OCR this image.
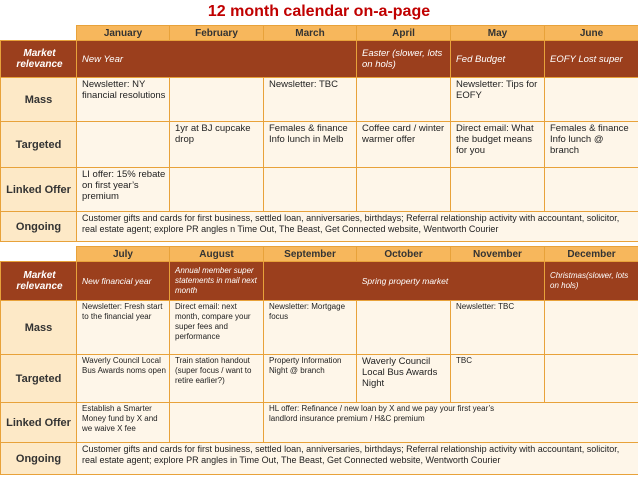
12 month calendar on-a-page
	January	February	March	April	May	June
Market relevance	New Year			Easter (slower, lots on hols)	Fed Budget	EOFY Lost super
Mass	Newsletter: NY financial resolutions		Newsletter: TBC		Newsletter: Tips for EOFY	
Targeted		1yr at BJ cupcake drop	Females & finance Info lunch in Melb	Coffee card / winter warmer offer	Direct email: What the budget means for you	Females & finance Info lunch @ branch
Linked Offer	LI offer: 15% rebate on first year’s premium					
Ongoing	Customer gifts and cards for first business, settled loan, anniversaries, birthdays; Referral relationship activity with accountant, solicitor, real estate agent; explore PR angles n Time Out, The Beast, Get Connected website, Wentworth Courier					
	July	August	September	October	November	December
Market relevance	New financial year	Annual member super statements in mail next month	Spring property market			Christmas(slower, lots on hols)
Mass	Newsletter: Fresh start to the financial year	Direct email: next month, compare your super fees and performance	Newsletter: Mortgage focus		Newsletter: TBC	
Targeted	Waverly Council Local Bus Awards noms open	Train station handout (super focus / want to retire earlier?)	Property Information Night @ branch	Waverly Council Local Bus Awards Night	TBC	
Linked Offer	Establish a Smarter Money fund by X and we waive X fee		HL offer: Refinance / new loan by X and we pay your first year’s landlord insurance premium / H&C premium			
Ongoing	Customer gifts and cards for first business, settled loan, anniversaries, birthdays; Referral relationship activity with accountant, solicitor, real estate agent; explore PR angles in Time Out, The Beast, Get Connected website, Wentworth Courier					
